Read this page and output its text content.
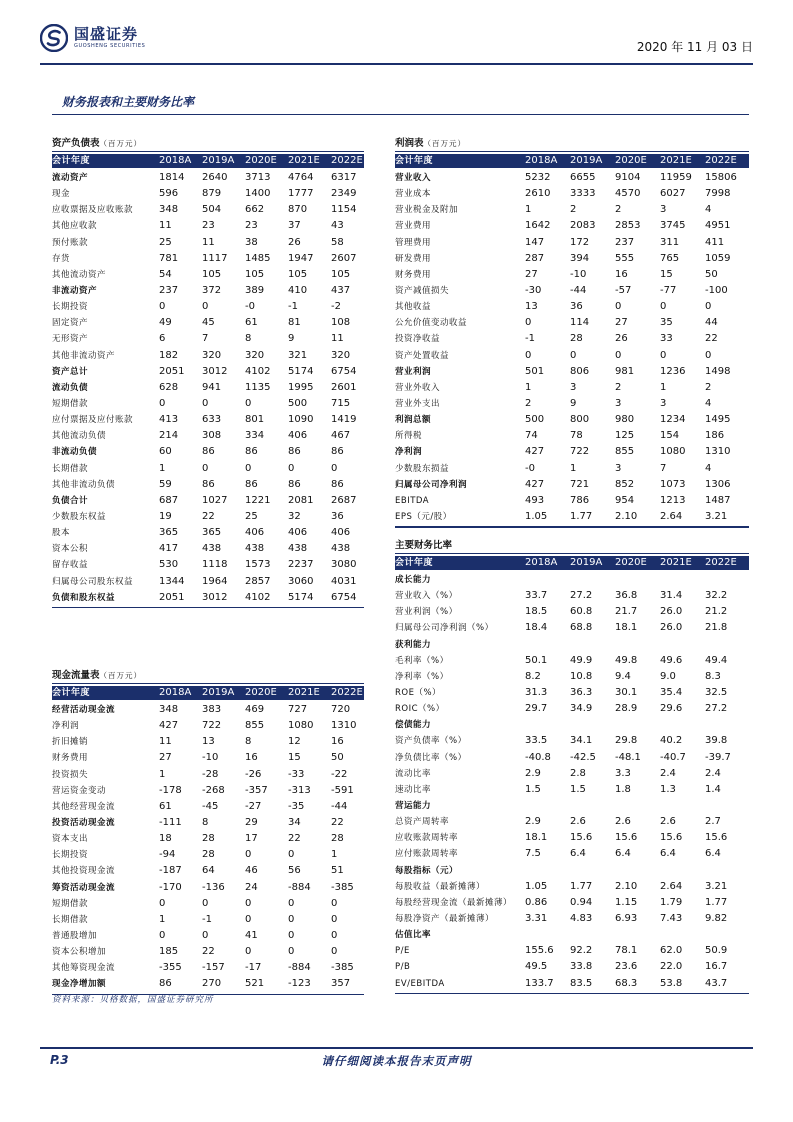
国盛证券
GUOSHENG SECURITIES	2020 年 11 月 03 日
财务报表和主要财务比率
资产负债表（百万元）
会计年度	2018A	2019A	2020E	2021E	2022E
流动资产	1814	2640	3713	4764	6317
现金	596	879	1400	1777	2349
应收票据及应收账款	348	504	662	870	1154
其他应收款	11	23	23	37	43
预付账款	25	11	38	26	58
存货	781	1117	1485	1947	2607
其他流动资产	54	105	105	105	105
非流动资产	237	372	389	410	437
长期投资	0	0	-0	-1	-2
固定资产	49	45	61	81	108
无形资产	6	7	8	9	11
其他非流动资产	182	320	320	321	320
资产总计	2051	3012	4102	5174	6754
流动负债	628	941	1135	1995	2601
短期借款	0	0	0	500	715
应付票据及应付账款	413	633	801	1090	1419
其他流动负债	214	308	334	406	467
非流动负债	60	86	86	86	86
长期借款	1	0	0	0	0
其他非流动负债	59	86	86	86	86
负债合计	687	1027	1221	2081	2687
少数股东权益	19	22	25	32	36
股本	365	365	406	406	406
资本公积	417	438	438	438	438
留存收益	530	1118	1573	2237	3080
归属母公司股东权益	1344	1964	2857	3060	4031
负债和股东权益	2051	3012	4102	5174	6754
利润表（百万元）
会计年度	2018A	2019A	2020E	2021E	2022E
营业收入	5232	6655	9104	11959	15806
营业成本	2610	3333	4570	6027	7998
营业税金及附加	1	2	2	3	4
营业费用	1642	2083	2853	3745	4951
管理费用	147	172	237	311	411
研发费用	287	394	555	765	1059
财务费用	27	-10	16	15	50
资产减值损失	-30	-44	-57	-77	-100
其他收益	13	36	0	0	0
公允价值变动收益	0	114	27	35	44
投资净收益	-1	28	26	33	22
资产处置收益	0	0	0	0	0
营业利润	501	806	981	1236	1498
营业外收入	1	3	2	1	2
营业外支出	2	9	3	3	4
利润总额	500	800	980	1234	1495
所得税	74	78	125	154	186
净利润	427	722	855	1080	1310
少数股东损益	-0	1	3	7	4
归属母公司净利润	427	721	852	1073	1306
EBITDA	493	786	954	1213	1487
EPS（元/股）	1.05	1.77	2.10	2.64	3.21
主要财务比率
会计年度	2018A	2019A	2020E	2021E	2022E
成长能力
营业收入（%）	33.7	27.2	36.8	31.4	32.2
营业利润（%）	18.5	60.8	21.7	26.0	21.2
归属母公司净利润（%）	18.4	68.8	18.1	26.0	21.8
获利能力
毛利率（%）	50.1	49.9	49.8	49.6	49.4
净利率（%）	8.2	10.8	9.4	9.0	8.3
ROE（%）	31.3	36.3	30.1	35.4	32.5
ROIC（%）	29.7	34.9	28.9	29.6	27.2
偿债能力
资产负债率（%）	33.5	34.1	29.8	40.2	39.8
净负债比率（%）	-40.8	-42.5	-48.1	-40.7	-39.7
流动比率	2.9	2.8	3.3	2.4	2.4
速动比率	1.5	1.5	1.8	1.3	1.4
营运能力
总资产周转率	2.9	2.6	2.6	2.6	2.7
应收账款周转率	18.1	15.6	15.6	15.6	15.6
应付账款周转率	7.5	6.4	6.4	6.4	6.4
每股指标（元）
每股收益（最新摊薄）	1.05	1.77	2.10	2.64	3.21
每股经营现金流（最新摊薄）	0.86	0.94	1.15	1.79	1.77
每股净资产（最新摊薄）	3.31	4.83	6.93	7.43	9.82
估值比率
P/E	155.6	92.2	78.1	62.0	50.9
P/B	49.5	33.8	23.6	22.0	16.7
EV/EBITDA	133.7	83.5	68.3	53.8	43.7
现金流量表（百万元）
会计年度	2018A	2019A	2020E	2021E	2022E
经营活动现金流	348	383	469	727	720
净利润	427	722	855	1080	1310
折旧摊销	11	13	8	12	16
财务费用	27	-10	16	15	50
投资损失	1	-28	-26	-33	-22
营运资金变动	-178	-268	-357	-313	-591
其他经营现金流	61	-45	-27	-35	-44
投资活动现金流	-111	8	29	34	22
资本支出	18	28	17	22	28
长期投资	-94	28	0	0	1
其他投资现金流	-187	64	46	56	51
筹资活动现金流	-170	-136	24	-884	-385
短期借款	0	0	0	0	0
长期借款	1	-1	0	0	0
普通股增加	0	0	41	0	0
资本公积增加	185	22	0	0	0
其他筹资现金流	-355	-157	-17	-884	-385
现金净增加额	86	270	521	-123	357
资料来源：贝格数据，国盛证券研究所
请仔细阅读本报告末页声明
P.3
